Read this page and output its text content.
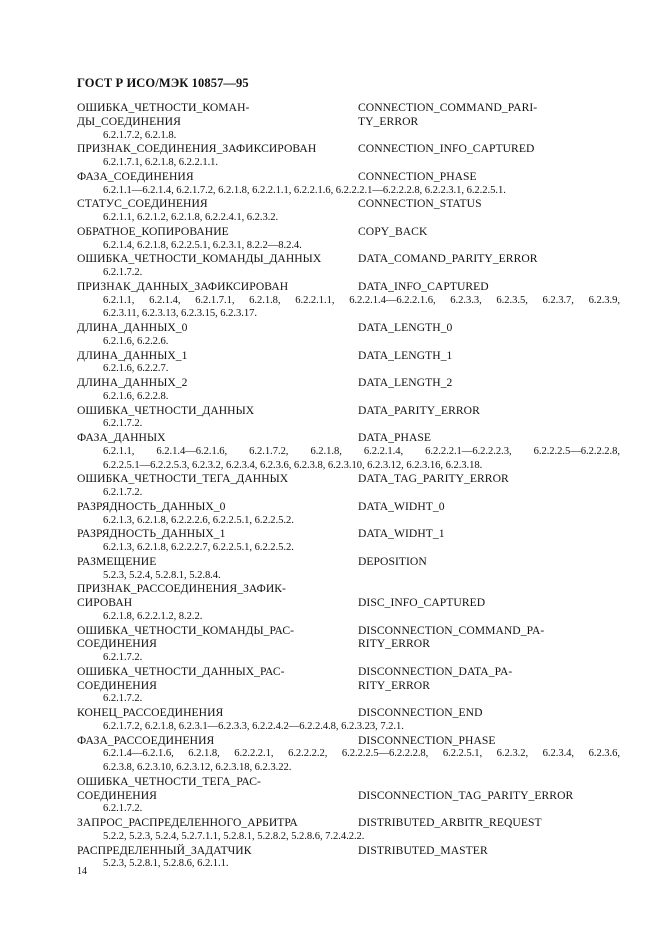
ГОСТ Р ИСО/МЭК 10857—95
ОШИБКА_ЧЕТНОСТИ_КОМАН-	CONNECTION_COMMAND_PARI-
ДЫ_СОЕДИНЕНИЯ	TY_ERROR
6.2.1.7.2, 6.2.1.8.
ПРИЗНАК_СОЕДИНЕНИЯ_ЗАФИКСИРОВАН	CONNECTION_INFO_CAPTURED
6.2.1.7.1, 6.2.1.8, 6.2.2.1.1.
ФАЗА_СОЕДИНЕНИЯ	CONNECTION_PHASE
6.2.1.1—6.2.1.4, 6.2.1.7.2, 6.2.1.8, 6.2.2.1.1, 6.2.2.1.6, 6.2.2.2.1—6.2.2.2.8, 6.2.2.3.1, 6.2.2.5.1.
СТАТУС_СОЕДИНЕНИЯ	CONNECTION_STATUS
6.2.1.1, 6.2.1.2, 6.2.1.8, 6.2.2.4.1, 6.2.3.2.
ОБРАТНОЕ_КОПИРОВАНИЕ	COPY_BACK
6.2.1.4, 6.2.1.8, 6.2.2.5.1, 6.2.3.1, 8.2.2—8.2.4.
ОШИБКА_ЧЕТНОСТИ_КОМАНДЫ_ДАННЫХ	DATA_COMAND_PARITY_ERROR
6.2.1.7.2.
ПРИЗНАК_ДАННЫХ_ЗАФИКСИРОВАН	DATA_INFO_CAPTURED
6.2.1.1, 6.2.1.4, 6.2.1.7.1, 6.2.1.8, 6.2.2.1.1, 6.2.2.1.4—6.2.2.1.6, 6.2.3.3, 6.2.3.5, 6.2.3.7, 6.2.3.9,
6.2.3.11, 6.2.3.13, 6.2.3.15, 6.2.3.17.
ДЛИНА_ДАННЫХ_0	DATA_LENGTH_0
6.2.1.6, 6.2.2.6.
ДЛИНА_ДАННЫХ_1	DATA_LENGTH_1
6.2.1.6, 6.2.2.7.
ДЛИНА_ДАННЫХ_2	DATA_LENGTH_2
6.2.1.6, 6.2.2.8.
ОШИБКА_ЧЕТНОСТИ_ДАННЫХ	DATA_PARITY_ERROR
6.2.1.7.2.
ФАЗА_ДАННЫХ	DATA_PHASE
6.2.1.1, 6.2.1.4—6.2.1.6, 6.2.1.7.2, 6.2.1.8, 6.2.2.1.4, 6.2.2.2.1—6.2.2.2.3, 6.2.2.2.5—6.2.2.2.8,
6.2.2.5.1—6.2.2.5.3, 6.2.3.2, 6.2.3.4, 6.2.3.6, 6.2.3.8, 6.2.3.10, 6.2.3.12, 6.2.3.16, 6.2.3.18.
ОШИБКА_ЧЕТНОСТИ_ТЕГА_ДАННЫХ	DATA_TAG_PARITY_ERROR
6.2.1.7.2.
РАЗРЯДНОСТЬ_ДАННЫХ_0	DATA_WIDHT_0
6.2.1.3, 6.2.1.8, 6.2.2.2.6, 6.2.2.5.1, 6.2.2.5.2.
РАЗРЯДНОСТЬ_ДАННЫХ_1	DATA_WIDHT_1
6.2.1.3, 6.2.1.8, 6.2.2.2.7, 6.2.2.5.1, 6.2.2.5.2.
РАЗМЕЩЕНИЕ	DEPOSITION
5.2.3, 5.2.4, 5.2.8.1, 5.2.8.4.
ПРИЗНАК_РАССОЕДИНЕНИЯ_ЗАФИК-
СИРОВАН	DISC_INFO_CAPTURED
6.2.1.8, 6.2.2.1.2, 8.2.2.
ОШИБКА_ЧЕТНОСТИ_КОМАНДЫ_РАС-	DISCONNECTION_COMMAND_PA-
СОЕДИНЕНИЯ	RITY_ERROR
6.2.1.7.2.
ОШИБКА_ЧЕТНОСТИ_ДАННЫХ_РАС-	DISCONNECTION_DATA_PA-
СОЕДИНЕНИЯ	RITY_ERROR
6.2.1.7.2.
КОНЕЦ_РАССОЕДИНЕНИЯ	DISCONNECTION_END
6.2.1.7.2, 6.2.1.8, 6.2.3.1—6.2.3.3, 6.2.2.4.2—6.2.2.4.8, 6.2.3.23, 7.2.1.
ФАЗА_РАССОЕДИНЕНИЯ	DISCONNECTION_PHASE
6.2.1.4—6.2.1.6, 6.2.1.8, 6.2.2.2.1, 6.2.2.2.2, 6.2.2.2.5—6.2.2.2.8, 6.2.2.5.1, 6.2.3.2, 6.2.3.4, 6.2.3.6,
6.2.3.8, 6.2.3.10, 6.2.3.12, 6.2.3.18, 6.2.3.22.
ОШИБКА_ЧЕТНОСТИ_ТЕГА_РАС-
СОЕДИНЕНИЯ	DISCONNECTION_TAG_PARITY_ERROR
6.2.1.7.2.
ЗАПРОС_РАСПРЕДЕЛЕННОГО_АРБИТРА	DISTRIBUTED_ARBITR_REQUEST
5.2.2, 5.2.3, 5.2.4, 5.2.7.1.1, 5.2.8.1, 5.2.8.2, 5.2.8.6, 7.2.4.2.2.
РАСПРЕДЕЛЕННЫЙ_ЗАДАТЧИК	DISTRIBUTED_MASTER
5.2.3, 5.2.8.1, 5.2.8.6, 6.2.1.1.
14
